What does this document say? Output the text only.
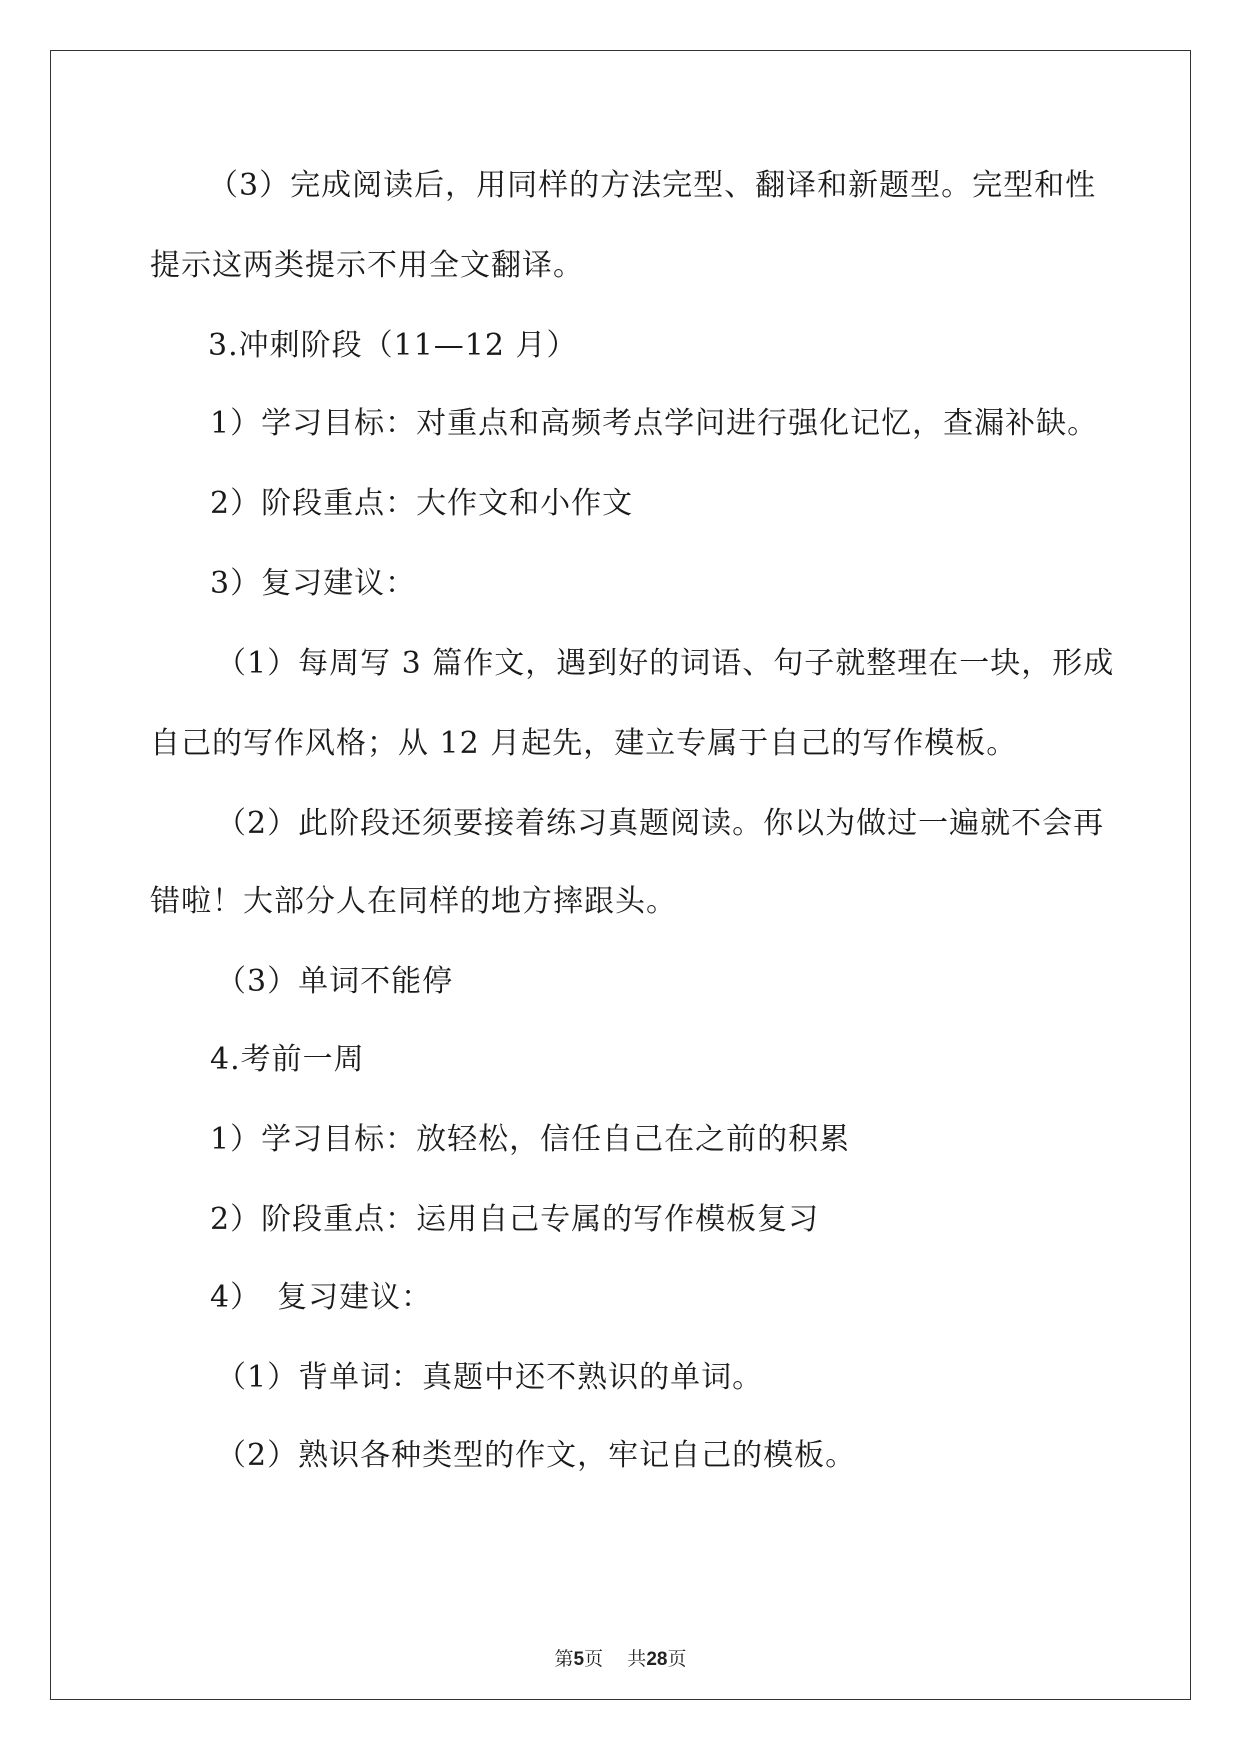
（3）完成阅读后，用同样的方法完型、翻译和新题型。完型和性
提示这两类提示不用全文翻译。
3.冲刺阶段（11—12 月）
1）学习目标：对重点和高频考点学问进行强化记忆，查漏补缺。
2）阶段重点：大作文和小作文
3）复习建议：
（1）每周写 3 篇作文，遇到好的词语、句子就整理在一块，形成
自己的写作风格；从 12 月起先，建立专属于自己的写作模板。
（2）此阶段还须要接着练习真题阅读。你以为做过一遍就不会再
错啦！大部分人在同样的地方摔跟头。
（3）单词不能停
4.考前一周
1）学习目标：放轻松，信任自己在之前的积累
2）阶段重点：运用自己专属的写作模板复习
4）　复习建议：
（1）背单词：真题中还不熟识的单词。
（2）熟识各种类型的作文，牢记自己的模板。
第5页 共28页
